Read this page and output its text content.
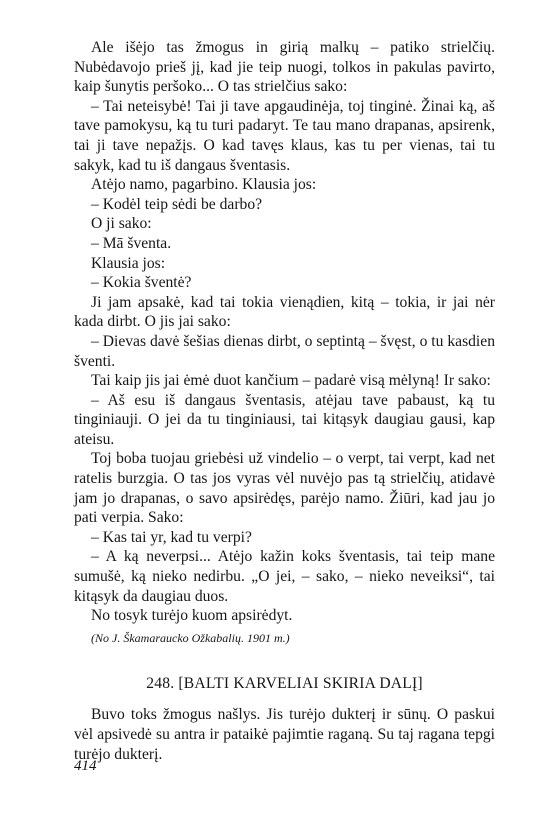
Ale išėjo tas žmogus in girią malkų – patiko strielčių. Nubėdavojo prieš jį, kad jie teip nuogi, tolkos in pakulas pavirto, kaip šunytis peršoko... O tas strielčius sako:

– Tai neteisybė! Tai ji tave apgaudinėja, toj tinginė. Žinai ką, aš tave pamokysu, ką tu turi padaryt. Te tau mano drapanas, apsirenk, tai ji tave nepažįs. O kad tavęs klaus, kas tu per vienas, tai tu sakyk, kad tu iš dangaus šventasis.

Atėjo namo, pagarbino. Klausia jos:

– Kodėl teip sėdi be darbo?

O ji sako:

– Mā šventa.

Klausia jos:

– Kokia šventė?

Ji jam apsakė, kad tai tokia vienądien, kitą – tokia, ir jai nėr kada dirbt. O jis jai sako:

– Dievas davė šešias dienas dirbt, o septintą – švęst, o tu kasdien šventi.

Tai kaip jis jai ėmė duot kančium – padarė visą mėlyną! Ir sako:

– Aš esu iš dangaus šventasis, atėjau tave pabaust, ką tu tinginiauji. O jei da tu tinginiausi, tai kitąsyk daugiau gausi, kap ateisu.

Toj boba tuojau griebėsi už vindelio – o verpt, tai verpt, kad net ratelis burzgia. O tas jos vyras vėl nuvėjo pas tą strielčių, atidavė jam jo drapanas, o savo apsirėdęs, parėjo namo. Žiūri, kad jau jo pati verpia. Sako:

– Kas tai yr, kad tu verpi?

– A ką neverpsi... Atėjo kažin koks šventasis, tai teip mane sumušė, ką nieko nedirbu. „O jei, – sako, – nieko neveiksi“, tai kitąsyk da daugiau duos.

No tosyk turėjo kuom apsirėdyt.

(No J. Škamaraucko Ožkabalių. 1901 m.)

248. [BALTI KARVELIAI SKIRIA DALĮ]

Buvo toks žmogus našlys. Jis turėjo dukterį ir sūnų. O paskui vėl apsivedė su antra ir pataikė pajimtie raganą. Su taj ragana tepgi turėjo dukterį.

414
